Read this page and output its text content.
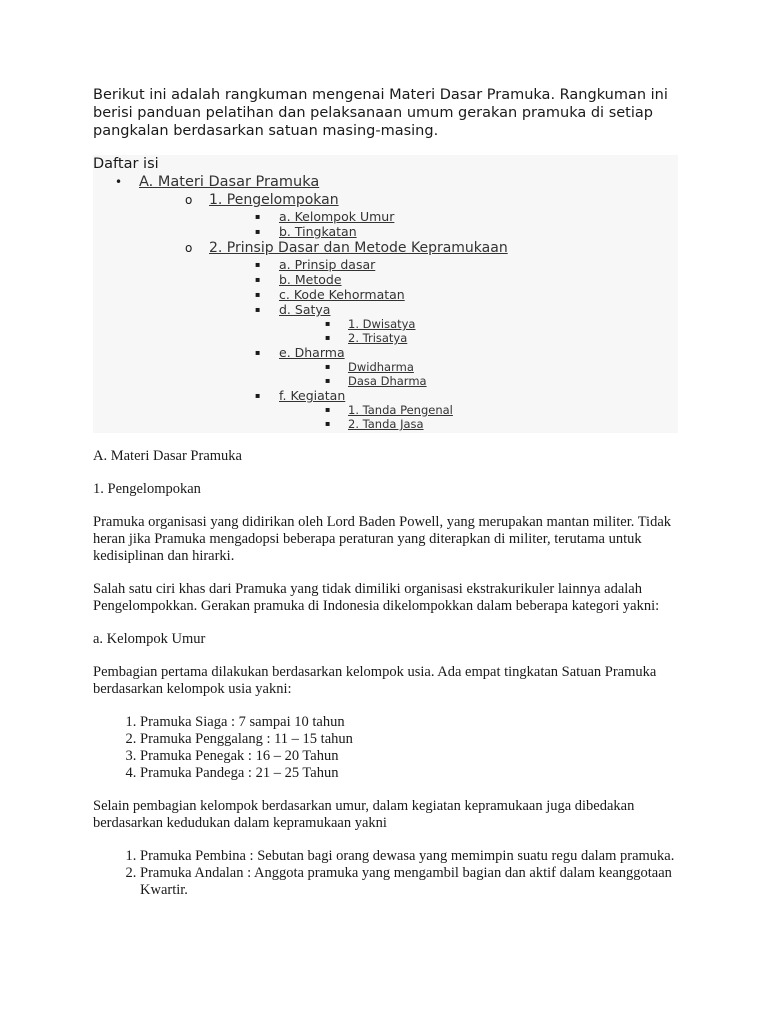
Berikut ini adalah rangkuman mengenai Materi Dasar Pramuka. Rangkuman ini berisi panduan pelatihan dan pelaksanaan umum gerakan pramuka di setiap pangkalan berdasarkan satuan masing-masing.

Daftar isi
• A. Materi Dasar Pramuka
o 1. Pengelompokan
▪ a. Kelompok Umur
▪ b. Tingkatan
o 2. Prinsip Dasar dan Metode Kepramukaan
▪ a. Prinsip dasar
▪ b. Metode
▪ c. Kode Kehormatan
▪ d. Satya
▪ 1. Dwisatya
▪ 2. Trisatya
▪ e. Dharma
▪ Dwidharma
▪ Dasa Dharma
▪ f. Kegiatan
▪ 1. Tanda Pengenal
▪ 2. Tanda Jasa

A. Materi Dasar Pramuka

1. Pengelompokan

Pramuka organisasi yang didirikan oleh Lord Baden Powell, yang merupakan mantan militer. Tidak heran jika Pramuka mengadopsi beberapa peraturan yang diterapkan di militer, terutama untuk kedisiplinan dan hirarki.

Salah satu ciri khas dari Pramuka yang tidak dimiliki organisasi ekstrakurikuler lainnya adalah Pengelompokkan. Gerakan pramuka di Indonesia dikelompokkan dalam beberapa kategori yakni:

a. Kelompok Umur

Pembagian pertama dilakukan berdasarkan kelompok usia. Ada empat tingkatan Satuan Pramuka berdasarkan kelompok usia yakni:

1. Pramuka Siaga : 7 sampai 10 tahun
2. Pramuka Penggalang : 11 – 15 tahun
3. Pramuka Penegak : 16 – 20 Tahun
4. Pramuka Pandega : 21 – 25 Tahun

Selain pembagian kelompok berdasarkan umur, dalam kegiatan kepramukaan juga dibedakan berdasarkan kedudukan dalam kepramukaan yakni

1. Pramuka Pembina : Sebutan bagi orang dewasa yang memimpin suatu regu dalam pramuka.
2. Pramuka Andalan : Anggota pramuka yang mengambil bagian dan aktif dalam keanggotaan Kwartir.
